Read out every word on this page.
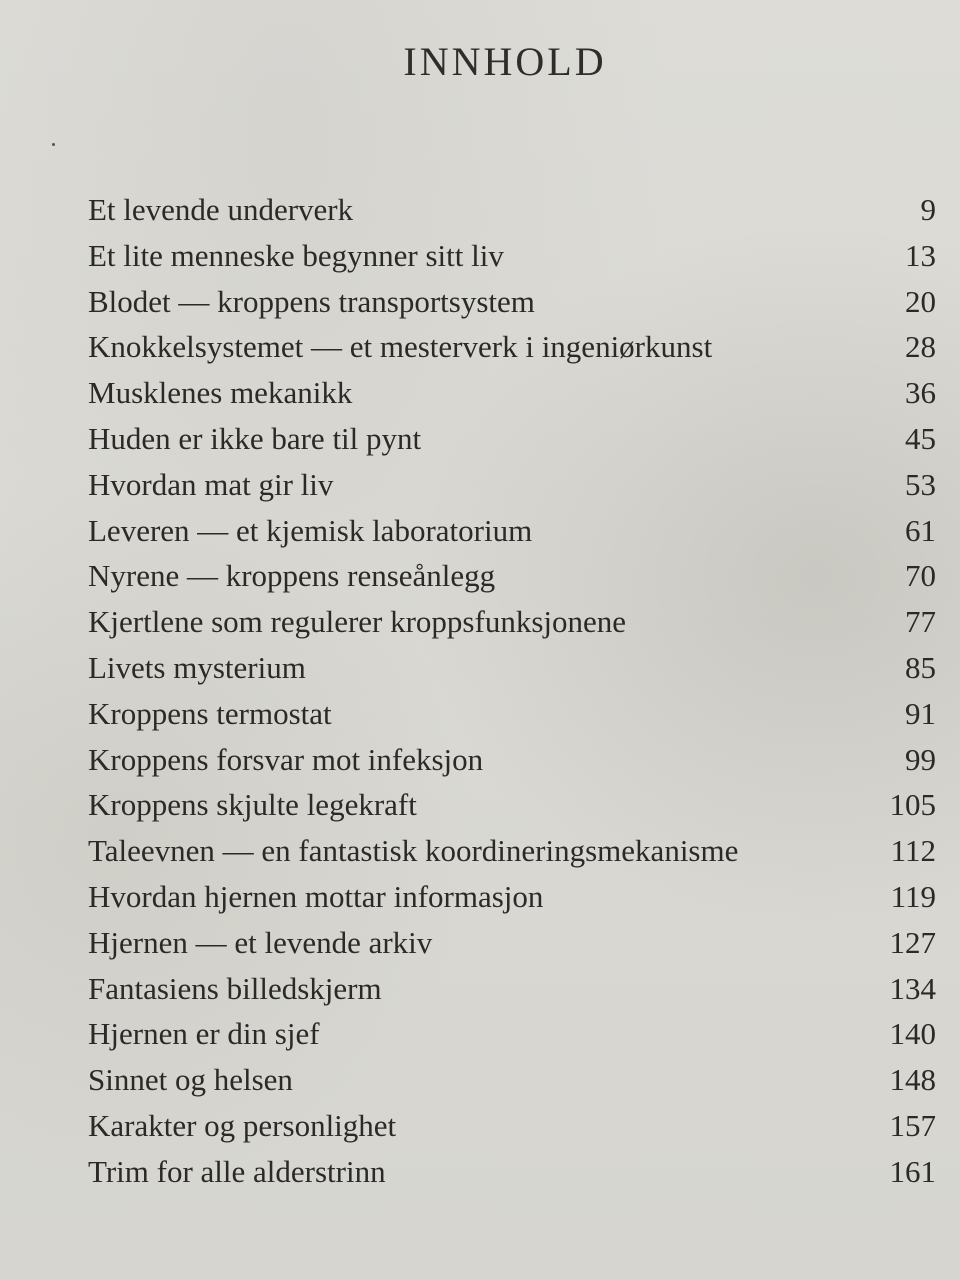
INNHOLD
Et levende underverk	9
Et lite menneske begynner sitt liv	13
Blodet — kroppens transportsystem	20
Knokkelsystemet — et mesterverk i ingeniørkunst	28
Musklenes mekanikk	36
Huden er ikke bare til pynt	45
Hvordan mat gir liv	53
Leveren — et kjemisk laboratorium	61
Nyrene — kroppens renseånlegg	70
Kjertlene som regulerer kroppsfunksjonene	77
Livets mysterium	85
Kroppens termostat	91
Kroppens forsvar mot infeksjon	99
Kroppens skjulte legekraft	105
Taleevnen — en fantastisk koordineringsmekanisme	112
Hvordan hjernen mottar informasjon	119
Hjernen — et levende arkiv	127
Fantasiens billedskjerm	134
Hjernen er din sjef	140
Sinnet og helsen	148
Karakter og personlighet	157
Trim for alle alderstrinn	161
